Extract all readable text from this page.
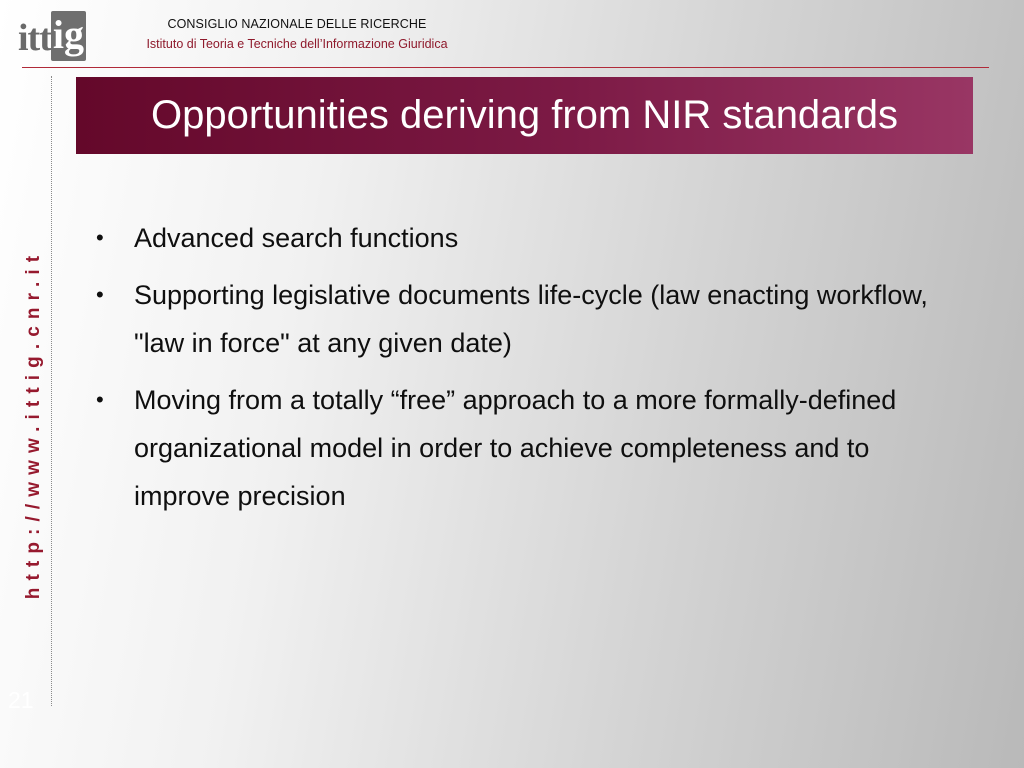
ittig	CONSIGLIO NAZIONALE DELLE RICERCHE
Istituto di Teoria e Tecniche dell’Informazione Giuridica
http://www.ittig.cnr.it
21
Opportunities deriving from NIR standards
•	Advanced search functions
•	Supporting legislative documents life-cycle (law enacting workflow, "law in force" at any given date)
•	Moving from a totally “free” approach to a more formally-defined organizational model in order to achieve completeness and to improve precision
